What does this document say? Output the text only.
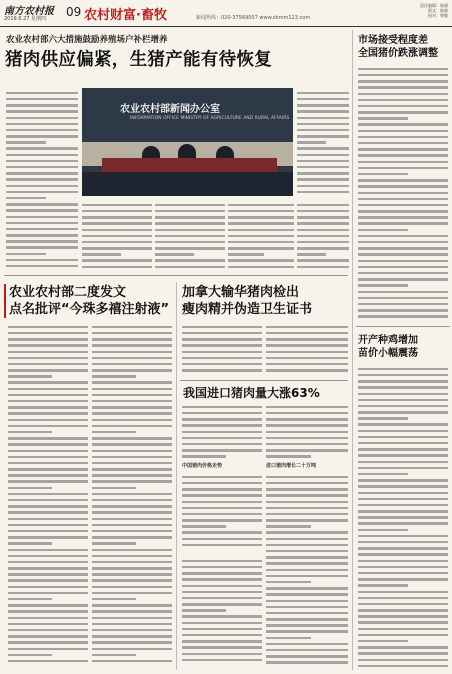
南方农村报
2019.6.27 星期四 09 农村财富·畜牧	新闻热线：020-37569007 www.xkmm123.com
责任编辑：陈晓
版式：陈晓
校对：曾敏
农业农村部六大措施鼓励养殖场户补栏增养
猪肉供应偏紧，生猪产能有待恢复
农业农村部新闻办公室
INFORMATION OFFICE MINISTRY OF AGRICULTURE AND RURAL AFFAIRS
农业农村部二度发文
点名批评“今珠多禧注射液”
加拿大输华猪肉检出
瘦肉精并伪造卫生证书
我国进口猪肉量大涨63%
中国猪肉价格走势	进口猪肉增长二十万吨
市场接受程度差
全国猪价跌涨调整
开产种鸡增加
苗价小幅震荡
